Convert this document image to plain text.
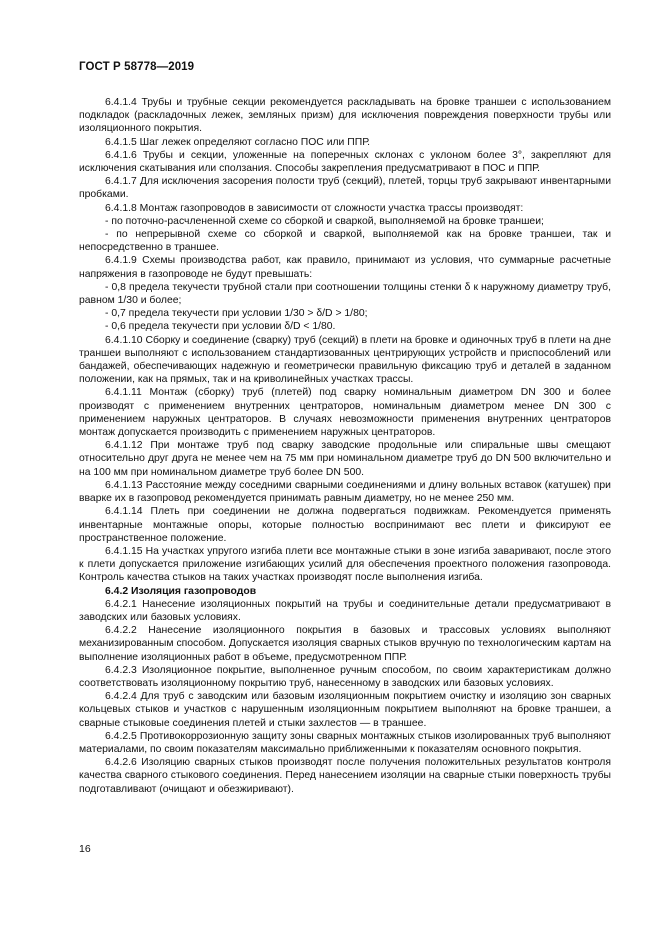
ГОСТ Р 58778—2019

6.4.1.4 Трубы и трубные секции рекомендуется раскладывать на бровке траншеи с использованием подкладок (раскладочных лежек, земляных призм) для исключения повреждения поверхности трубы или изоляционного покрытия.

6.4.1.5 Шаг лежек определяют согласно ПОС или ППР.

6.4.1.6 Трубы и секции, уложенные на поперечных склонах с уклоном более 3°, закрепляют для исключения скатывания или сползания. Способы закрепления предусматривают в ПОС и ППР.

6.4.1.7 Для исключения засорения полости труб (секций), плетей, торцы труб закрывают инвентарными пробками.

6.4.1.8 Монтаж газопроводов в зависимости от сложности участка трассы производят:

- по поточно-расчлененной схеме со сборкой и сваркой, выполняемой на бровке траншеи;

- по непрерывной схеме со сборкой и сваркой, выполняемой как на бровке траншеи, так и непосредственно в траншее.

6.4.1.9 Схемы производства работ, как правило, принимают из условия, что суммарные расчетные напряжения в газопроводе не будут превышать:

- 0,8 предела текучести трубной стали при соотношении толщины стенки δ к наружному диаметру труб, равном 1/30 и более;

- 0,7 предела текучести при условии 1/30 > δ/D > 1/80;

- 0,6 предела текучести при условии δ/D < 1/80.

6.4.1.10 Сборку и соединение (сварку) труб (секций) в плети на бровке и одиночных труб в плети на дне траншеи выполняют с использованием стандартизованных центрирующих устройств и приспособлений или бандажей, обеспечивающих надежную и геометрически правильную фиксацию труб и деталей в заданном положении, как на прямых, так и на криволинейных участках трассы.

6.4.1.11 Монтаж (сборку) труб (плетей) под сварку номинальным диаметром DN 300 и более производят с применением внутренних центраторов, номинальным диаметром менее DN 300 с применением наружных центраторов. В случаях невозможности применения внутренних центраторов монтаж допускается производить с применением наружных центраторов.

6.4.1.12 При монтаже труб под сварку заводские продольные или спиральные швы смещают относительно друг друга не менее чем на 75 мм при номинальном диаметре труб до DN 500 включительно и на 100 мм при номинальном диаметре труб более DN 500.

6.4.1.13 Расстояние между соседними сварными соединениями и длину вольных вставок (катушек) при вварке их в газопровод рекомендуется принимать равным диаметру, но не менее 250 мм.

6.4.1.14 Плеть при соединении не должна подвергаться подвижкам. Рекомендуется применять инвентарные монтажные опоры, которые полностью воспринимают вес плети и фиксируют ее пространственное положение.

6.4.1.15 На участках упругого изгиба плети все монтажные стыки в зоне изгиба заваривают, после этого к плети допускается приложение изгибающих усилий для обеспечения проектного положения газопровода. Контроль качества стыков на таких участках производят после выполнения изгиба.

6.4.2 Изоляция газопроводов

6.4.2.1 Нанесение изоляционных покрытий на трубы и соединительные детали предусматривают в заводских или базовых условиях.

6.4.2.2 Нанесение изоляционного покрытия в базовых и трассовых условиях выполняют механизированным способом. Допускается изоляция сварных стыков вручную по технологическим картам на выполнение изоляционных работ в объеме, предусмотренном ППР.

6.4.2.3 Изоляционное покрытие, выполненное ручным способом, по своим характеристикам должно соответствовать изоляционному покрытию труб, нанесенному в заводских или базовых условиях.

6.4.2.4 Для труб с заводским или базовым изоляционным покрытием очистку и изоляцию зон сварных кольцевых стыков и участков с нарушенным изоляционным покрытием выполняют на бровке траншеи, а сварные стыковые соединения плетей и стыки захлестов — в траншее.

6.4.2.5 Противокоррозионную защиту зоны сварных монтажных стыков изолированных труб выполняют материалами, по своим показателям максимально приближенными к показателям основного покрытия.

6.4.2.6 Изоляцию сварных стыков производят после получения положительных результатов контроля качества сварного стыкового соединения. Перед нанесением изоляции на сварные стыки поверхность трубы подготавливают (очищают и обезжиривают).

16
